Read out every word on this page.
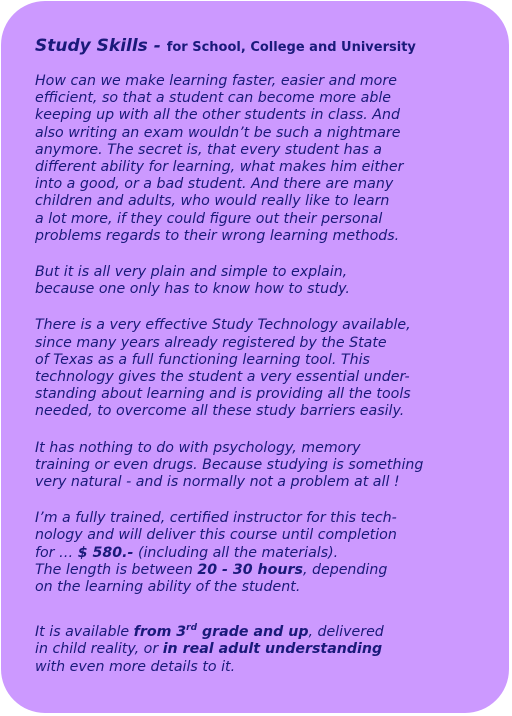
Study Skills - for School, College and University

How can we make learning faster, easier and more
efficient, so that a student can become more able
keeping up with all the other students in class. And
also writing an exam wouldn’t be such a nightmare
anymore. The secret is, that every student has a
different ability for learning, what makes him either
into a good, or a bad student. And there are many
children and adults, who would really like to learn
a lot more, if they could figure out their personal
problems regards to their wrong learning methods.

But it is all very plain and simple to explain,
because one only has to know how to study.

There is a very effective Study Technology available,
since many years already registered by the State
of Texas as a full functioning learning tool. This
technology gives the student a very essential under-
standing about learning and is providing all the tools
needed, to overcome all these study barriers easily.

It has nothing to do with psychology, memory
training or even drugs. Because studying is something
very natural - and is normally not a problem at all !

I’m a fully trained, certified instructor for this tech-
nology and will deliver this course until completion
for … $ 580.- (including all the materials).
The length is between 20 - 30 hours, depending
on the learning ability of the student.

It is available from 3rd grade and up, delivered
in child reality, or in real adult understanding
with even more details to it.
